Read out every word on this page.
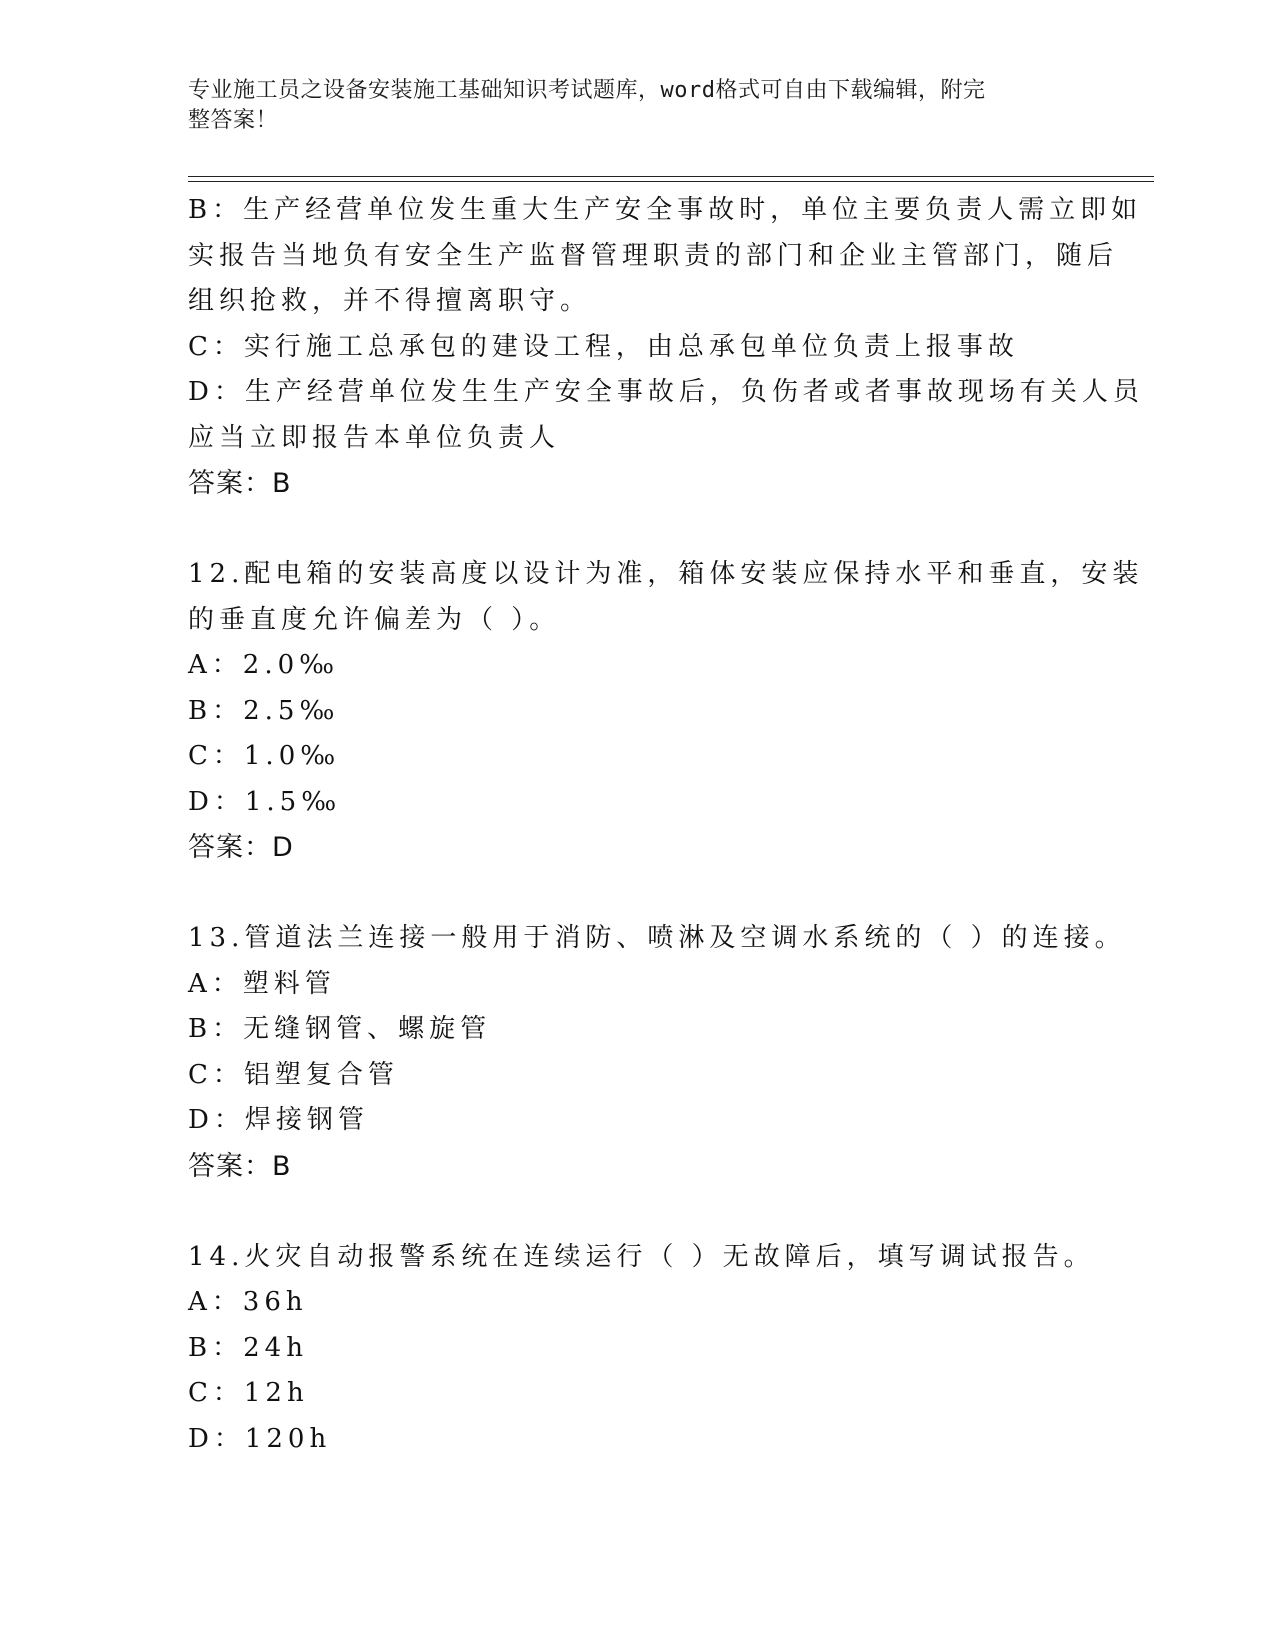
专业施工员之设备安装施工基础知识考试题库，word格式可自由下载编辑，附完
整答案！
B：生产经营单位发生重大生产安全事故时，单位主要负责人需立即如
实报告当地负有安全生产监督管理职责的部门和企业主管部门，随后
组织抢救，并不得擅离职守。
C：实行施工总承包的建设工程，由总承包单位负责上报事故
D：生产经营单位发生生产安全事故后，负伤者或者事故现场有关人员
应当立即报告本单位负责人
答案：B
12.配电箱的安装高度以设计为准，箱体安装应保持水平和垂直，安装
的垂直度允许偏差为（ ）。
A：2.0‰
B：2.5‰
C：1.0‰
D：1.5‰
答案：D
13.管道法兰连接一般用于消防、喷淋及空调水系统的（ ）的连接。
A：塑料管
B：无缝钢管、螺旋管
C：铝塑复合管
D：焊接钢管
答案：B
14.火灾自动报警系统在连续运行（ ）无故障后，填写调试报告。
A：36h
B：24h
C：12h
D：120h
